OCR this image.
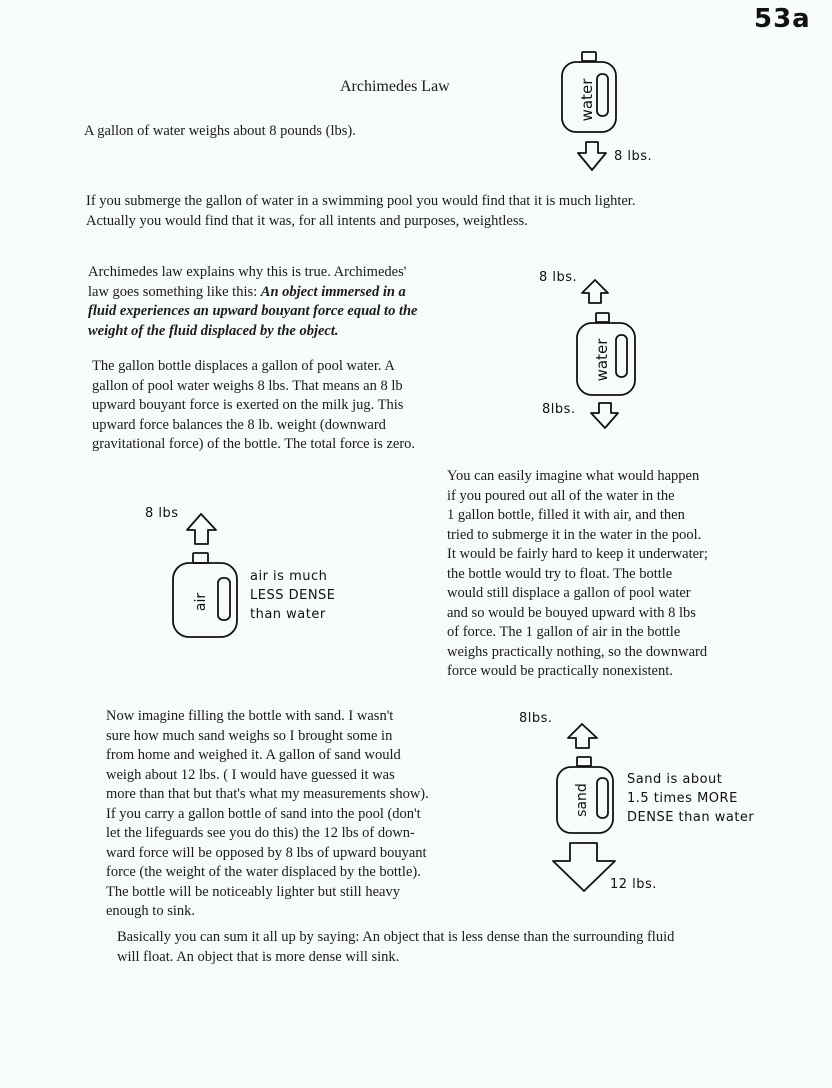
53a
Archimedes Law

A gallon of water weighs about 8 pounds (lbs).

If you submerge the gallon of water in a swimming pool you would find that it is much lighter.
Actually you would find that it was, for all intents and purposes, weightless.

Archimedes law explains why this is true. Archimedes'
law goes something like this: An object immersed in a
fluid experiences an upward bouyant force equal to the
weight of the fluid displaced by the object.

The gallon bottle displaces a gallon of pool water. A
gallon of pool water weighs 8 lbs. That means an 8 lb
upward bouyant force is exerted on the milk jug. This
upward force balances the 8 lb. weight (downward
gravitational force) of the bottle. The total force is zero.

You can easily imagine what would happen
if you poured out all of the water in the
1 gallon bottle, filled it with air, and then
tried to submerge it in the water in the pool.
It would be fairly hard to keep it underwater;
the bottle would try to float. The bottle
would still displace a gallon of pool water
and so would be bouyed upward with 8 lbs
of force. The 1 gallon of air in the bottle
weighs practically nothing, so the downward
force would be practically nonexistent.

Now imagine filling the bottle with sand. I wasn't
sure how much sand weighs so I brought some in
from home and weighed it. A gallon of sand would
weigh about 12 lbs. ( I would have guessed it was
more than that but that's what my measurements show).
If you carry a gallon bottle of sand into the pool (don't
let the lifeguards see you do this) the 12 lbs of down-
ward force will be opposed by 8 lbs of upward bouyant
force (the weight of the water displaced by the bottle).
The bottle will be noticeably lighter but still heavy
enough to sink.

Basically you can sum it all up by saying: An object that is less dense than the surrounding fluid
will float. An object that is more dense will sink.

water
water
air
sand
8 lbs.
8 lbs.
8lbs.
8 lbs
air is much
LESS DENSE
than water
8lbs.
Sand is about
1.5 times MORE
DENSE than water
12 lbs.
